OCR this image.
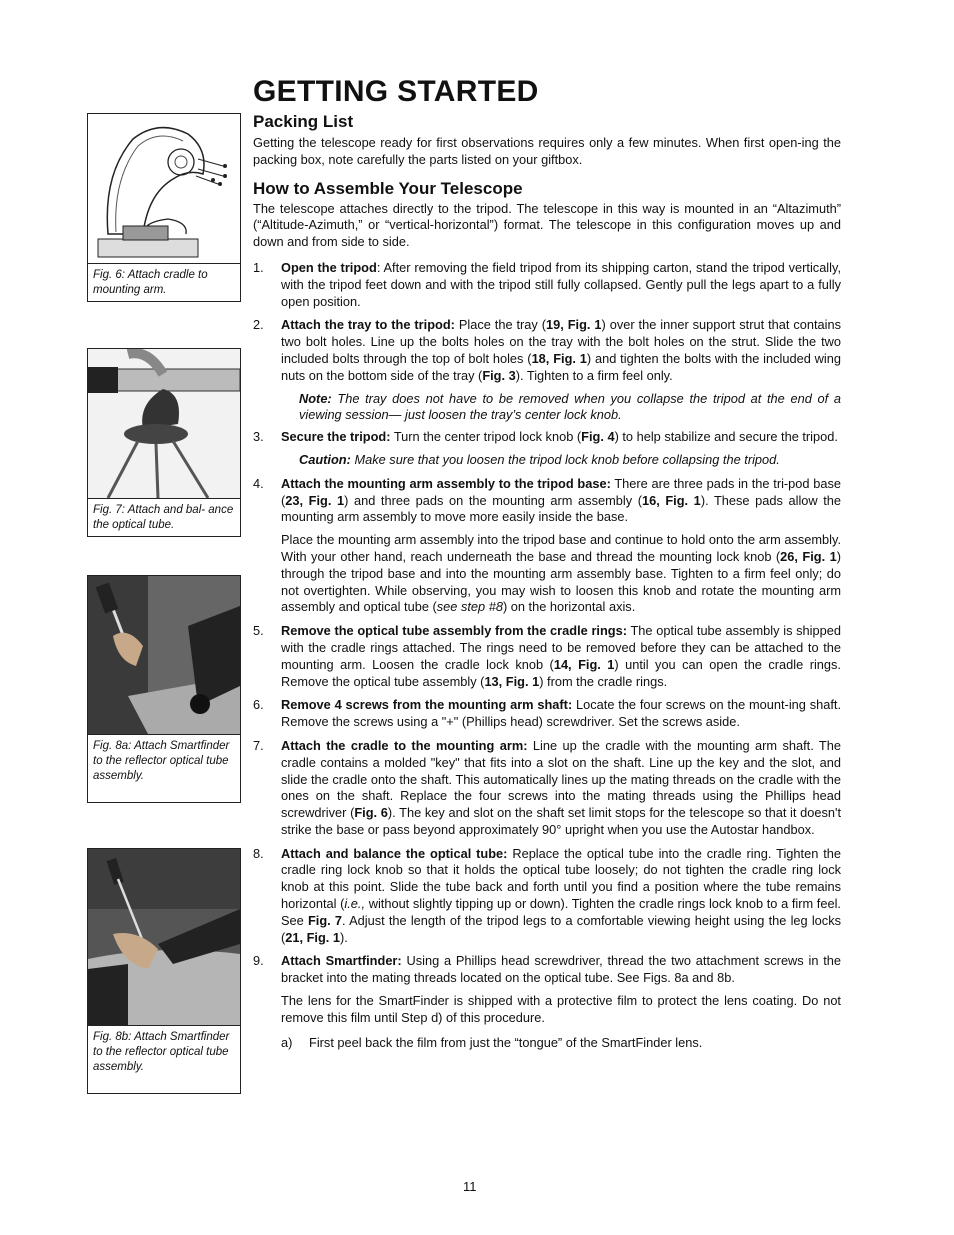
GETTING STARTED
Fig. 6: Attach cradle to mounting arm.
Fig. 7: Attach and bal- ance the optical tube.
Fig. 8a: Attach Smartfinder to the reflector optical tube assembly.
Fig. 8b: Attach Smartfinder to the reflector optical tube assembly.
Packing List

Getting the telescope ready for first observations requires only a few minutes. When first open-ing the packing box, note carefully the parts listed on your giftbox.

How to Assemble Your Telescope

The telescope attaches directly to the tripod. The telescope in this way is mounted in an “Altazimuth” (“Altitude-Azimuth,” or “vertical-horizontal”) format. The telescope in this configuration moves up and down and from side to side.

1. Open the tripod: After removing the field tripod from its shipping carton, stand the tripod vertically, with the tripod feet down and with the tripod still fully collapsed. Gently pull the legs apart to a fully open position.
2. Attach the tray to the tripod: Place the tray (19, Fig. 1) over the inner support strut that contains two bolt holes. Line up the bolts holes on the tray with the bolt holes on the strut. Slide the two included bolts through the top of bolt holes (18, Fig. 1) and tighten the bolts with the included wing nuts on the bottom side of the tray (Fig. 3). Tighten to a firm feel only.
Note: The tray does not have to be removed when you collapse the tripod at the end of a viewing session— just loosen the tray’s center lock knob.
3. Secure the tripod: Turn the center tripod lock knob (Fig. 4) to help stabilize and secure the tripod.
Caution: Make sure that you loosen the tripod lock knob before collapsing the tripod.
4. Attach the mounting arm assembly to the tripod base: There are three pads in the tri-pod base (23, Fig. 1) and three pads on the mounting arm assembly (16, Fig. 1). These pads allow the mounting arm assembly to move more easily inside the base.
Place the mounting arm assembly into the tripod base and continue to hold onto the arm assembly. With your other hand, reach underneath the base and thread the mounting lock knob (26, Fig. 1) through the tripod base and into the mounting arm assembly base. Tighten to a firm feel only; do not overtighten. While observing, you may wish to loosen this knob and rotate the mounting arm assembly and optical tube (see step #8) on the horizontal axis.
5. Remove the optical tube assembly from the cradle rings: The optical tube assembly is shipped with the cradle rings attached. The rings need to be removed before they can be attached to the mounting arm. Loosen the cradle lock knob (14, Fig. 1) until you can open the cradle rings. Remove the optical tube assembly (13, Fig. 1) from the cradle rings.
6. Remove 4 screws from the mounting arm shaft: Locate the four screws on the mount-ing shaft. Remove the screws using a "+" (Phillips head) screwdriver. Set the screws aside.
7. Attach the cradle to the mounting arm: Line up the cradle with the mounting arm shaft. The cradle contains a molded "key" that fits into a slot on the shaft. Line up the key and the slot, and slide the cradle onto the shaft. This automatically lines up the mating threads on the cradle with the ones on the shaft. Replace the four screws into the mating threads using the Phillips head screwdriver (Fig. 6). The key and slot on the shaft set limit stops for the telescope so that it doesn't strike the base or pass beyond approximately 90° upright when you use the Autostar handbox.
8. Attach and balance the optical tube: Replace the optical tube into the cradle ring. Tighten the cradle ring lock knob so that it holds the optical tube loosely; do not tighten the cradle ring lock knob at this point. Slide the tube back and forth until you find a position where the tube remains horizontal (i.e., without slightly tipping up or down). Tighten the cradle rings lock knob to a firm feel. See Fig. 7. Adjust the length of the tripod legs to a comfortable viewing height using the leg locks (21, Fig. 1).
9. Attach Smartfinder: Using a Phillips head screwdriver, thread the two attachment screws in the bracket into the mating threads located on the optical tube. See Figs. 8a and 8b.
The lens for the SmartFinder is shipped with a protective film to protect the lens coating. Do not remove this film until Step d) of this procedure.
a) First peel back the film from just the “tongue” of the SmartFinder lens.
11
